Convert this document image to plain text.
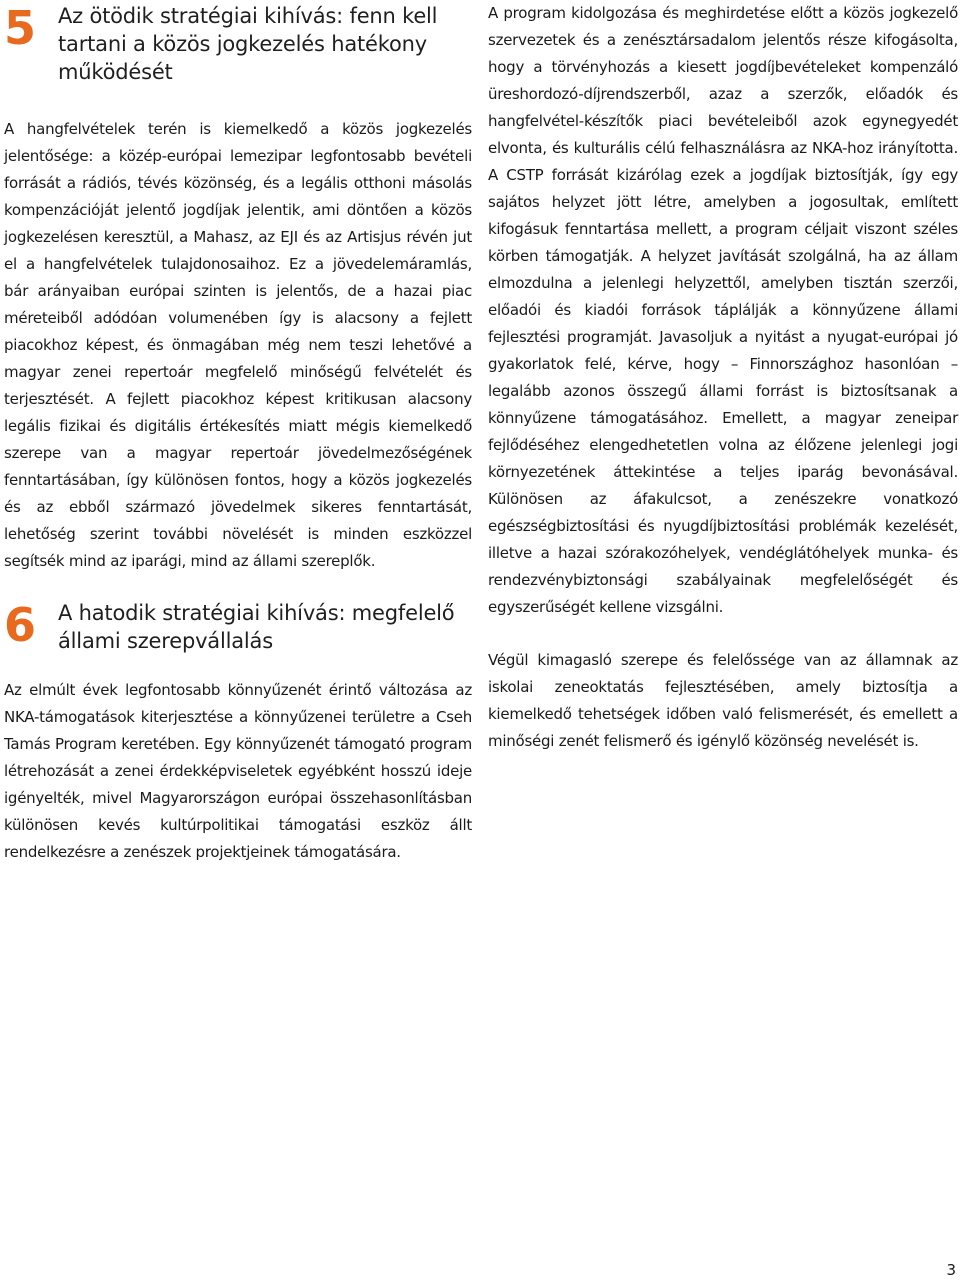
5 Az ötödik stratégiai kihívás: fenn kell tartani a közös jogkezelés hatékony működését

A hangfelvételek terén is kiemelkedő a közös jogkezelés jelentősége: a közép-európai lemezipar legfontosabb bevételi forrását a rádiós, tévés közönség, és a legális otthoni másolás kompenzációját jelentő jogdíjak jelentik, ami döntően a közös jogkezelésen keresztül, a Mahasz, az EJI és az Artisjus révén jut el a hangfelvételek tulajdonosaihoz. Ez a jövedelemáramlás, bár arányaiban európai szinten is jelentős, de a hazai piac méreteiből adódóan volumenében így is alacsony a fejlett piacokhoz képest, és önmagában még nem teszi lehetővé a magyar zenei repertoár megfelelő minőségű felvételét és terjesztését. A fejlett piacokhoz képest kritikusan alacsony legális fizikai és digitális értékesítés miatt mégis kiemelkedő szerepe van a magyar repertoár jövedelmezőségének fenntartásában, így különösen fontos, hogy a közös jogkezelés és az ebből származó jövedelmek sikeres fenntartását, lehetőség szerint további növelését is minden eszközzel segítsék mind az iparági, mind az állami szereplők.

6 A hatodik stratégiai kihívás: megfelelő állami szerepvállalás

Az elmúlt évek legfontosabb könnyűzenét érintő változása az NKA-támogatások kiterjesztése a könnyűzenei területre a Cseh Tamás Program keretében. Egy könnyűzenét támogató program létrehozását a zenei érdekképviseletek egyébként hosszú ideje igényelték, mivel Magyarországon európai összehasonlításban különösen kevés kultúrpolitikai támogatási eszköz állt rendelkezésre a zenészek projektjeinek támogatására.

A program kidolgozása és meghirdetése előtt a közös jogkezelő szervezetek és a zenésztársadalom jelentős része kifogásolta, hogy a törvényhozás a kiesett jogdíjbevételeket kompenzáló üreshordozó-díjrendszerből, azaz a szerzők, előadók és hangfelvétel-készítők piaci bevételeiből azok egynegyedét elvonta, és kulturális célú felhasználásra az NKA-hoz irányította. A CSTP forrását kizárólag ezek a jogdíjak biztosítják, így egy sajátos helyzet jött létre, amelyben a jogosultak, említett kifogásuk fenntartása mellett, a program céljait viszont széles körben támogatják. A helyzet javítását szolgálná, ha az állam elmozdulna a jelenlegi helyzettől, amelyben tisztán szerzői, előadói és kiadói források táplálják a könnyűzene állami fejlesztési programját. Javasoljuk a nyitást a nyugat-európai jó gyakorlatok felé, kérve, hogy – Finnországhoz hasonlóan – legalább azonos összegű állami forrást is biztosítsanak a könnyűzene támogatásához. Emellett, a magyar zeneipar fejlődéséhez elengedhetetlen volna az élőzene jelenlegi jogi környezetének áttekintése a teljes iparág bevonásával. Különösen az áfakulcsot, a zenészekre vonatkozó egészségbiztosítási és nyugdíjbiztosítási problémák kezelését, illetve a hazai szórakozóhelyek, vendéglátóhelyek munka- és rendezvénybiztonsági szabályainak megfelelőségét és egyszerűségét kellene vizsgálni.

Végül kimagasló szerepe és felelőssége van az államnak az iskolai zeneoktatás fejlesztésében, amely biztosítja a kiemelkedő tehetségek időben való felismerését, és emellett a minőségi zenét felismerő és igénylő közönség nevelését is.

3
